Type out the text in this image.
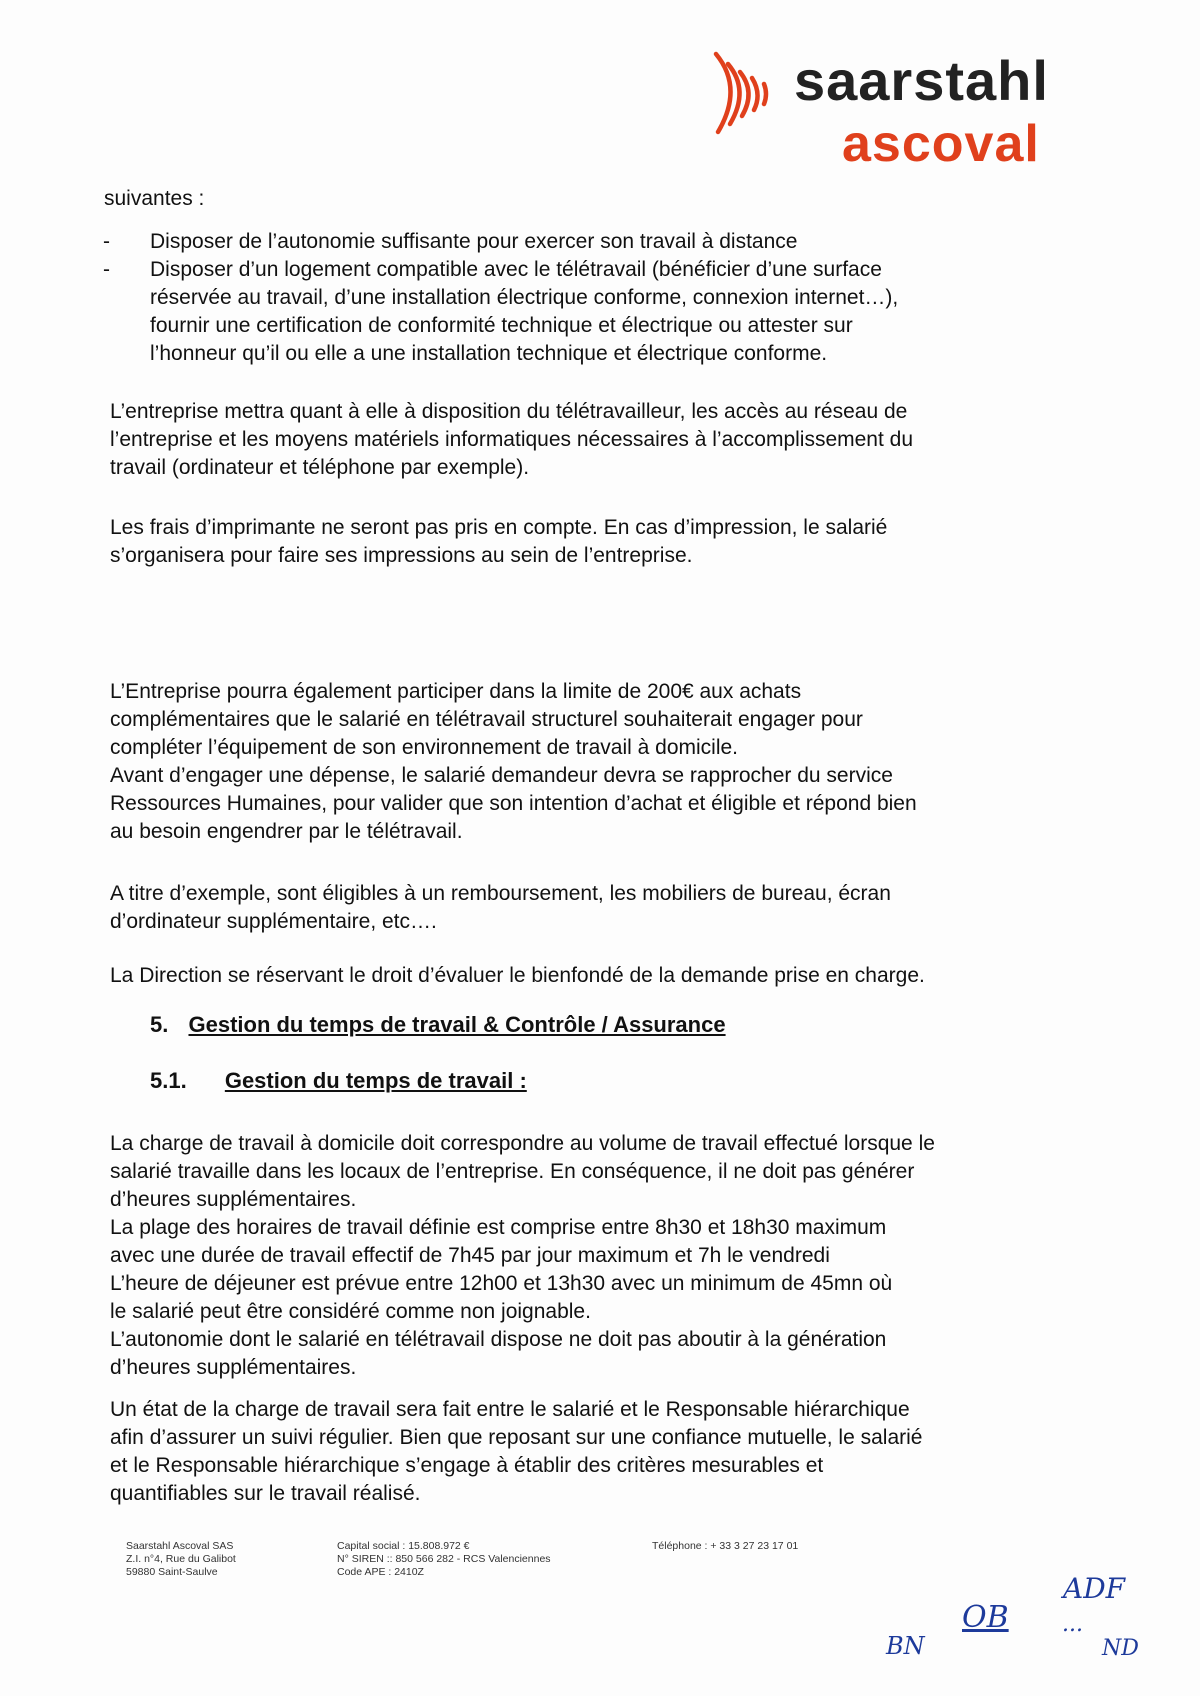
saarstahl
ascoval
suivantes :
- Disposer de l’autonomie suffisante pour exercer son travail à distance
- Disposer d’un logement compatible avec le télétravail (bénéficier d’une surface
réservée au travail, d’une installation électrique conforme, connexion internet…),
fournir une certification de conformité technique et électrique ou attester sur
l’honneur qu’il ou elle a une installation technique et électrique conforme.
L’entreprise mettra quant à elle à disposition du télétravailleur, les accès au réseau de
l’entreprise et les moyens matériels informatiques nécessaires à l’accomplissement du
travail (ordinateur et téléphone par exemple).
Les frais d’imprimante ne seront pas pris en compte. En cas d’impression, le salarié
s’organisera pour faire ses impressions au sein de l’entreprise.
L’Entreprise pourra également participer dans la limite de 200€ aux achats
complémentaires que le salarié en télétravail structurel souhaiterait engager pour
compléter l’équipement de son environnement de travail à domicile.
Avant d’engager une dépense, le salarié demandeur devra se rapprocher du service
Ressources Humaines, pour valider que son intention d’achat et éligible et répond bien
au besoin engendrer par le télétravail.
A titre d’exemple, sont éligibles à un remboursement, les mobiliers de bureau, écran
d’ordinateur supplémentaire, etc….
La Direction se réservant le droit d’évaluer le bienfondé de la demande prise en charge.
5. Gestion du temps de travail & Contrôle / Assurance
5.1. Gestion du temps de travail :
La charge de travail à domicile doit correspondre au volume de travail effectué lorsque le
salarié travaille dans les locaux de l’entreprise. En conséquence, il ne doit pas générer
d’heures supplémentaires.
La plage des horaires de travail définie est comprise entre 8h30 et 18h30 maximum
avec une durée de travail effectif de 7h45 par jour maximum et 7h le vendredi
L’heure de déjeuner est prévue entre 12h00 et 13h30 avec un minimum de 45mn où
le salarié peut être considéré comme non joignable.
L’autonomie dont le salarié en télétravail dispose ne doit pas aboutir à la génération
d’heures supplémentaires.
Un état de la charge de travail sera fait entre le salarié et le Responsable hiérarchique
afin d’assurer un suivi régulier. Bien que reposant sur une confiance mutuelle, le salarié
et le Responsable hiérarchique s’engage à établir des critères mesurables et
quantifiables sur le travail réalisé.
Saarstahl Ascoval SAS
Z.I. n°4, Rue du Galibot
59880 Saint-Saulve
Capital social : 15.808.972 €
N° SIREN :: 850 566 282 - RCS Valenciennes
Code APE : 2410Z
Téléphone : + 33 3 27 23 17 01
ADF
OB
BN
...
ND
